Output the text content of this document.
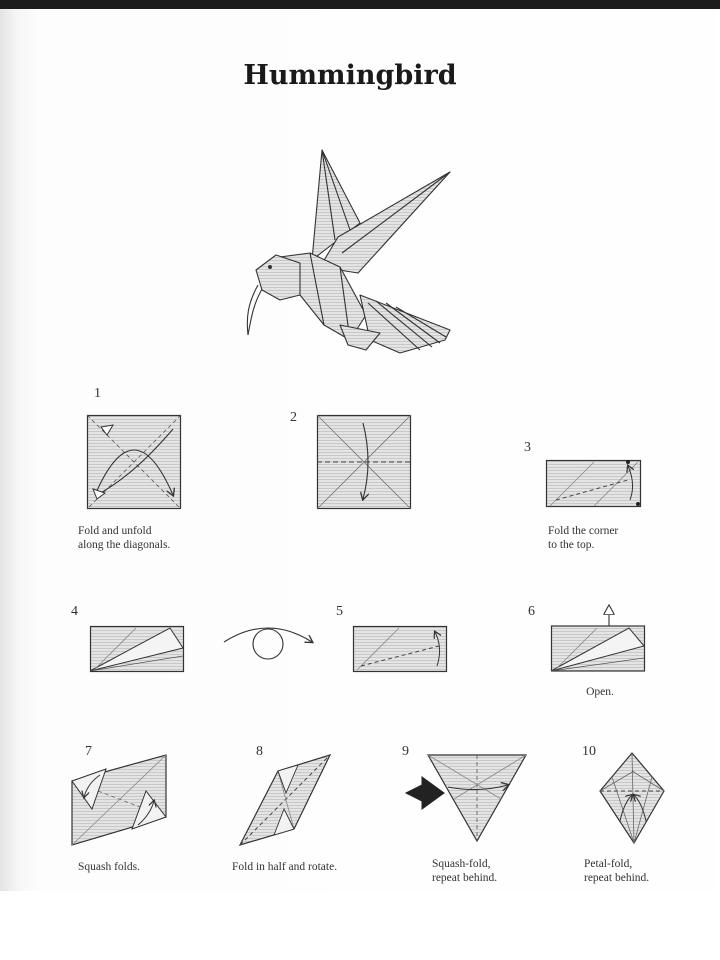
Hummingbird
1
Fold and unfold
along the diagonals.
2
3
Fold the corner
to the top.
4	5	6
Open.
7
Squash folds.
8
Fold in half and rotate.
9
Squash-fold,
repeat behind.
10
Petal-fold,
repeat behind.
